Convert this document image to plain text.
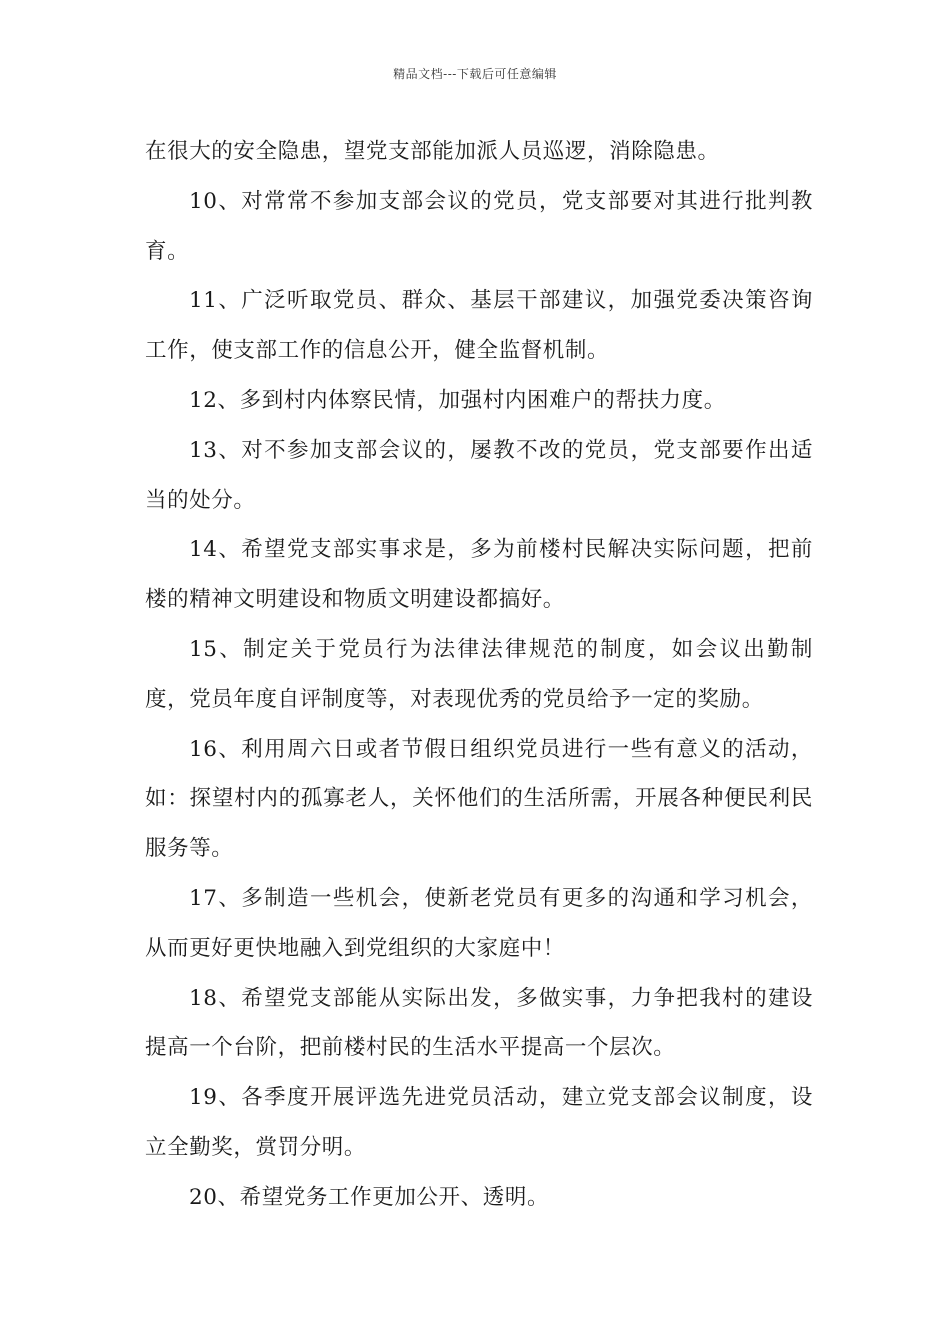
精品文档---下载后可任意编辑

在很大的安全隐患，望党支部能加派人员巡逻，消除隐患。

10、对常常不参加支部会议的党员，党支部要对其进行批判教育。

11、广泛听取党员、群众、基层干部建议，加强党委决策咨询工作，使支部工作的信息公开，健全监督机制。

12、多到村内体察民情，加强村内困难户的帮扶力度。

13、对不参加支部会议的，屡教不改的党员，党支部要作出适当的处分。

14、希望党支部实事求是，多为前楼村民解决实际问题，把前楼的精神文明建设和物质文明建设都搞好。

15、制定关于党员行为法律法律规范的制度，如会议出勤制度，党员年度自评制度等，对表现优秀的党员给予一定的奖励。

16、利用周六日或者节假日组织党员进行一些有意义的活动，如：探望村内的孤寡老人，关怀他们的生活所需，开展各种便民利民服务等。

17、多制造一些机会，使新老党员有更多的沟通和学习机会，从而更好更快地融入到党组织的大家庭中！

18、希望党支部能从实际出发，多做实事，力争把我村的建设提高一个台阶，把前楼村民的生活水平提高一个层次。

19、各季度开展评选先进党员活动，建立党支部会议制度，设立全勤奖，赏罚分明。

20、希望党务工作更加公开、透明。
